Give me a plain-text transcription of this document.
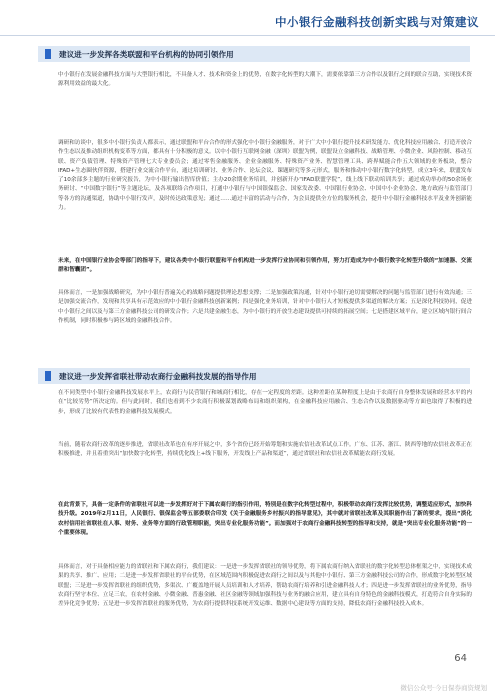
中小银行金融科技创新实践与对策建议
建议进一步发挥各类联盟和平台机构的协同引领作用

中小银行在发展金融科技方面与大型银行相比，不具备人才、技术和资金上的优势，在数字化转型的大潮下，需要依靠第三方合作以及银行之间的联合互助，实现技术资源利用效益的最大化。

调研和访谈中，很多中小银行负责人都表示，通过联盟和平台合作的形式强化中小银行金融服务，对于广大中小银行提升技术研发能力、优化科技应用融合、打造开放合作生态以及推动组织机构变革等方面，都具有十分积极的意义。以中小银行互联网金融（深圳）联盟为例，联盟设立金融科技、战略管理、小微企业、风险控制、移动互联、资产负债管理、特殊资产管理七大专业委员会；通过零售金融服务、企业金融服务、特殊资产业务、智慧管理工具、跨界赋能合作五大领域的业务板块，整合IFAD+生态圈伙伴资源，搭建行业交流合作平台，通过培训研讨、业务合作、论坛会议、课题研究等多元形式，服务和推动中小银行数字化转型。成立3年来，联盟发布了10余部多主题的行业研究报告，为中小银行输出智库价值；主办20余期业务培训，并创新开办“IFAD联盟学院”，线上线下联动培训共享；通过成功举办的50余场业务研讨、“中国数字银行”等主题论坛，及各项联络合作项目，打通中小银行与中国银保监会、国家发改委、中国银行业协会、中国中小企业协会、地方政府与监管部门等各方的沟通渠道，协助中小银行发声，及时传达政策意见；通过……通过丰富的活动与合作，为会员提供全方位的服务机会，提升中小银行金融科技水平及业务创新能力。

未来，在中国银行业协会等部门的指导下，建议各类中小银行联盟和平台机构进一步发挥行业协同和引领作用，努力打造成为中小银行数字化转型升级的“加速器、交流群和智囊团”。

具体而言，一是加强战略研究，为中小银行普遍关心的战略问题提供理论思想支撑；二是加强政策沟通，针对中小银行迫切需要解决的问题与监管部门进行有效沟通；三是加强交流合作，发现和共享具有示范效应的中小银行金融科技创新案例；四是强化业务培训，针对中小银行人才短板提供多渠道的解决方案；五是深化科技协同，促进中小银行之间以及与第三方金融科技公司的研发合作；六是共建金融生态，为中小银行的开放生态建设提供可持续的拓展空间；七是搭建区域平台，建立区域内银行间合作机制，同时积极参与跨区域的金融科技合作。

建议进一步发挥省联社带动农商行金融科技发展的指导作用

在不同类型中小银行金融科技发展水平上，农商行与民营银行和城商行相比，存在一定程度的差距。这种差距在某种程度上是由于农商行自身整体发展和经营水平的内在“比较劣势”所决定的。但与此同时，我们也看到不少农商行积极谋划战略布局和组织架构，在金融科技应用融合、生态合作以及数据驱动等方面也取得了积极的进步，形成了比较有代表性的金融科技发展模式。

当前，随着农商行改革的逐步推进，省联社改革也在有序开展之中，多个省份已经开始筹划和实施农信社改革试点工作。广东、江苏、浙江、陕西等地的农信社改革正在积极推进，并且着重突出“加快数字化转型，持续优化线上+线下服务，开发线上产品和渠道”，通过省联社和农信社改革赋能农商行发展。

在此背景下，具备一定条件的省联社可以进一步发挥好对于下属农商行的指引作用，特别是在数字化转型过程中，积极带动农商行发挥比较优势，调整适应形式，加快科技升级。2019年2月11日，人民银行、银保监会等五部委联合印发《关于金融服务乡村振兴的指导意见》，其中就对省联社改革及其职能作出了新的要求，提出“淡化农村信用社省联社在人事、财务、业务等方面的行政管理职能，突出专业化服务功能”。而加强对于农商行金融科技转型的指导和支持，就是“突出专业化服务功能”的一个重要体现。

具体而言，对于具备相应能力的省联社和下属农商行，我们建议：一是进一步发挥省联社的领导优势，将下属农商行纳入省联社的数字化转型总体框架之中，实现技术成果的共享、推广、应用；二是进一步发挥省联社的平台优势，在区域范围内积极促进农商行之间以及与其他中小银行、第三方金融科技公司的合作，形成数字化转型区域联盟；三是进一步发挥省联社的组织优势，多渠次、广覆盖地开展人员培训和人才培养，帮助农商行培养和引进金融科技人才；四是进一步发挥省联社的业务优势，指导农商行坚守本位、立足三农，在农村金融、小微金融、普惠金融、社区金融等领域加强科技与业务的融合应用，建立具有自身特色的金融科技模式，打造符合自身实际的差异化竞争优势；五是进一步发挥省联社的服务优势，为农商行提供科技系统开发运维、数据中心建设等方面的支持，降低农商行金融科技投入成本。

64
微信公众号·今日保券商资规划
